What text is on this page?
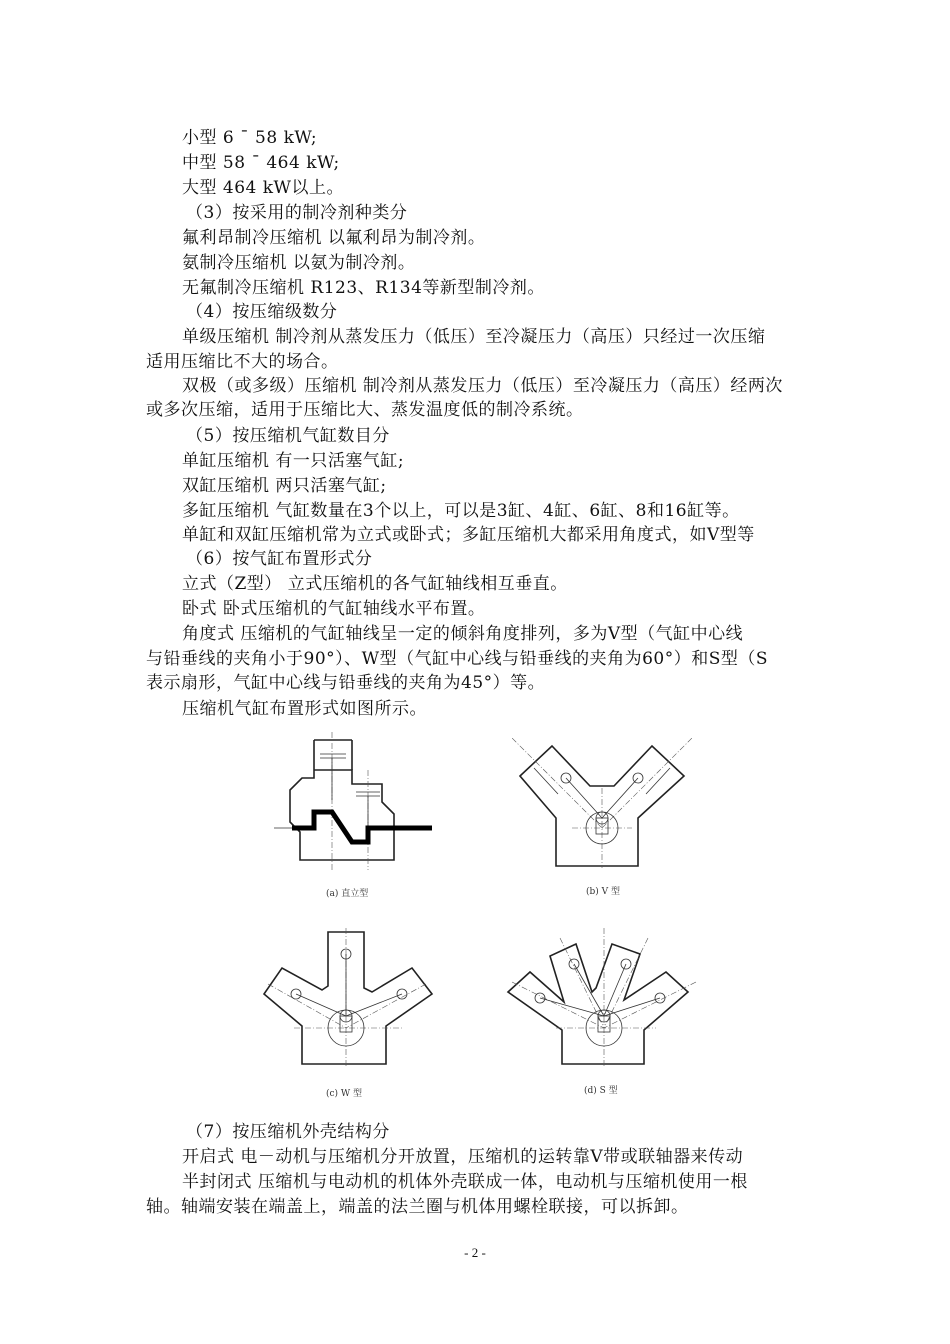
小型 6 ¯ 58 kW;
中型 58 ¯ 464 kW;
大型 464 kW以上。
（3）按采用的制冷剂种类分
氟利昂制冷压缩机 以氟利昂为制冷剂。
氨制冷压缩机 以氨为制冷剂。
无氟制冷压缩机 R123、R134等新型制冷剂。
（4）按压缩级数分
单级压缩机 制冷剂从蒸发压力（低压）至冷凝压力（高压）只经过一次压缩
适用压缩比不大的场合。
双极（或多级）压缩机 制冷剂从蒸发压力（低压）至冷凝压力（高压）经两次
或多次压缩，适用于压缩比大、蒸发温度低的制冷系统。
（5）按压缩机气缸数目分
单缸压缩机 有一只活塞气缸;
双缸压缩机 两只活塞气缸;
多缸压缩机 气缸数量在3个以上，可以是3缸、4缸、6缸、8和16缸等。
单缸和双缸压缩机常为立式或卧式；多缸压缩机大都采用角度式，如V型等
（6）按气缸布置形式分
立式（Z型） 立式压缩机的各气缸轴线相互垂直。
卧式 卧式压缩机的气缸轴线水平布置。
角度式 压缩机的气缸轴线呈一定的倾斜角度排列，多为V型（气缸中心线
与铅垂线的夹角小于90°）、W型（气缸中心线与铅垂线的夹角为60°）和S型（S
表示扇形，气缸中心线与铅垂线的夹角为45°）等。
压缩机气缸布置形式如图所示。
(a) 直立型	(b) V 型
(c) W 型	(d) S 型
（7）按压缩机外壳结构分
开启式 电－动机与压缩机分开放置，压缩机的运转靠V带或联轴器来传动
半封闭式 压缩机与电动机的机体外壳联成一体，电动机与压缩机使用一根
轴。轴端安装在端盖上，端盖的法兰圈与机体用螺栓联接，可以拆卸。
- 2 -
